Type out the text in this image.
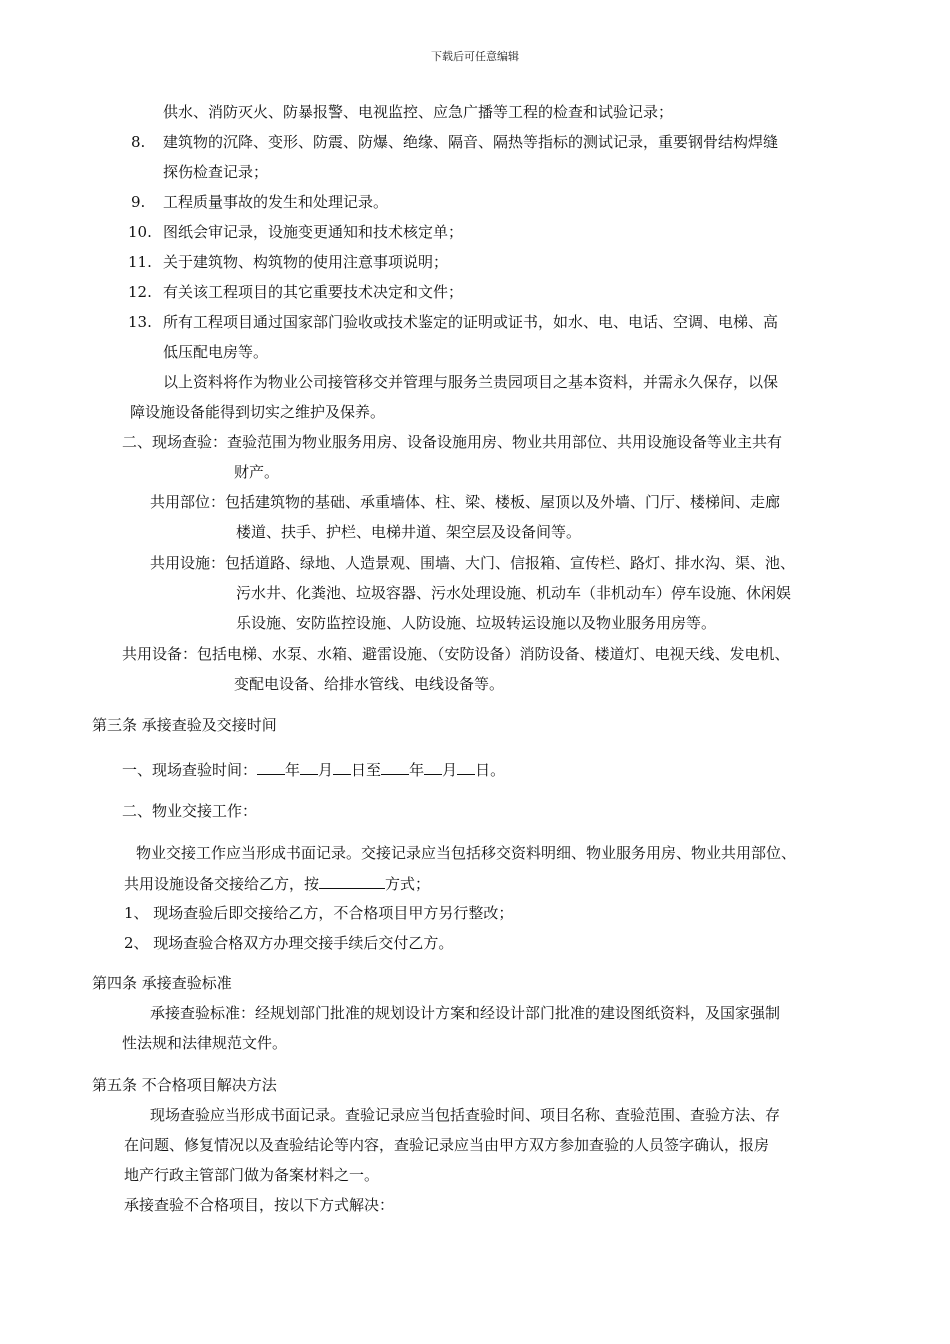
下载后可任意编辑
供水、消防灭火、防暴报警、电视监控、应急广播等工程的检查和试验记录；
8. 建筑物的沉降、变形、防震、防爆、绝缘、隔音、隔热等指标的测试记录，重要钢骨结构焊缝
探伤检查记录；
9. 工程质量事故的发生和处理记录。
10. 图纸会审记录，设施变更通知和技术核定单；
11. 关于建筑物、构筑物的使用注意事项说明；
12. 有关该工程项目的其它重要技术决定和文件；
13. 所有工程项目通过国家部门验收或技术鉴定的证明或证书，如水、电、电话、空调、电梯、高
低压配电房等。
以上资料将作为物业公司接管移交并管理与服务兰贵园项目之基本资料，并需永久保存，以保
障设施设备能得到切实之维护及保养。
二、现场查验：查验范围为物业服务用房、设备设施用房、物业共用部位、共用设施设备等业主共有
财产。
共用部位：包括建筑物的基础、承重墙体、柱、梁、楼板、屋顶以及外墙、门厅、楼梯间、走廊
楼道、扶手、护栏、电梯井道、架空层及设备间等。
共用设施：包括道路、绿地、人造景观、围墙、大门、信报箱、宣传栏、路灯、排水沟、渠、池、
污水井、化粪池、垃圾容器、污水处理设施、机动车（非机动车）停车设施、休闲娱
乐设施、安防监控设施、人防设施、垃圾转运设施以及物业服务用房等。
共用设备：包括电梯、水泵、水箱、避雷设施、（安防设备）消防设备、楼道灯、电视天线、发电机、
变配电设备、给排水管线、电线设备等。
第三条 承接查验及交接时间
一、现场查验时间： 年 月 日至 年 月 日。
二、物业交接工作：
物业交接工作应当形成书面记录。交接记录应当包括移交资料明细、物业服务用房、物业共用部位、
共用设施设备交接给乙方，按	方式；
1、 现场查验后即交接给乙方，不合格项目甲方另行整改；
2、 现场查验合格双方办理交接手续后交付乙方。
第四条 承接查验标准
承接查验标准：经规划部门批准的规划设计方案和经设计部门批准的建设图纸资料，及国家强制
性法规和法律规范文件。
第五条 不合格项目解决方法
现场查验应当形成书面记录。查验记录应当包括查验时间、项目名称、查验范围、查验方法、存
在问题、修复情况以及查验结论等内容，查验记录应当由甲方双方参加查验的人员签字确认，报房
地产行政主管部门做为备案材料之一。
承接查验不合格项目，按以下方式解决：
